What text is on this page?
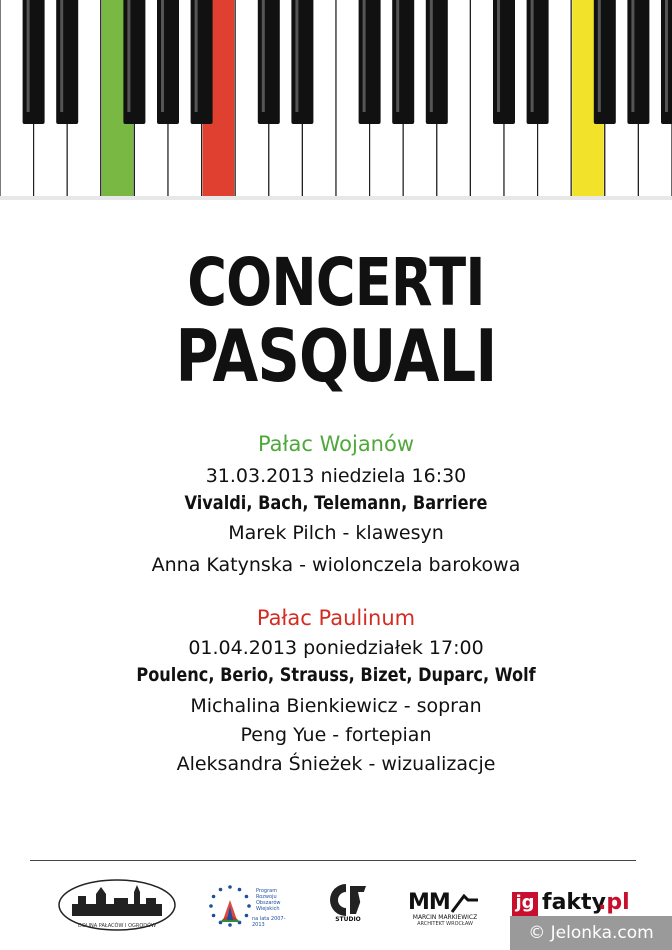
CONCERTI
PASQUALI
Pałac Wojanów
31.03.2013 niedziela 16:30
Vivaldi, Bach, Telemann, Barriere
Marek Pilch - klawesyn
Anna Katynska - wiolonczela barokowa
Pałac Paulinum
01.04.2013 poniedziałek 17:00
Poulenc, Berio, Strauss, Bizet, Duparc, Wolf
Michalina Bienkiewicz - sopran
Peng Yue - fortepian
Aleksandra Śnieżek - wizualizacje
DOLINA PAŁACÓW I OGRODÓW
Program Rozwoju Obszarów Wiejskich
na lata 2007-2013
STUDIO
MM
MARCIN MARKIEWICZ
ARCHITEKT WROCŁAW
jg fakty
.pl
© Jelonka.com
